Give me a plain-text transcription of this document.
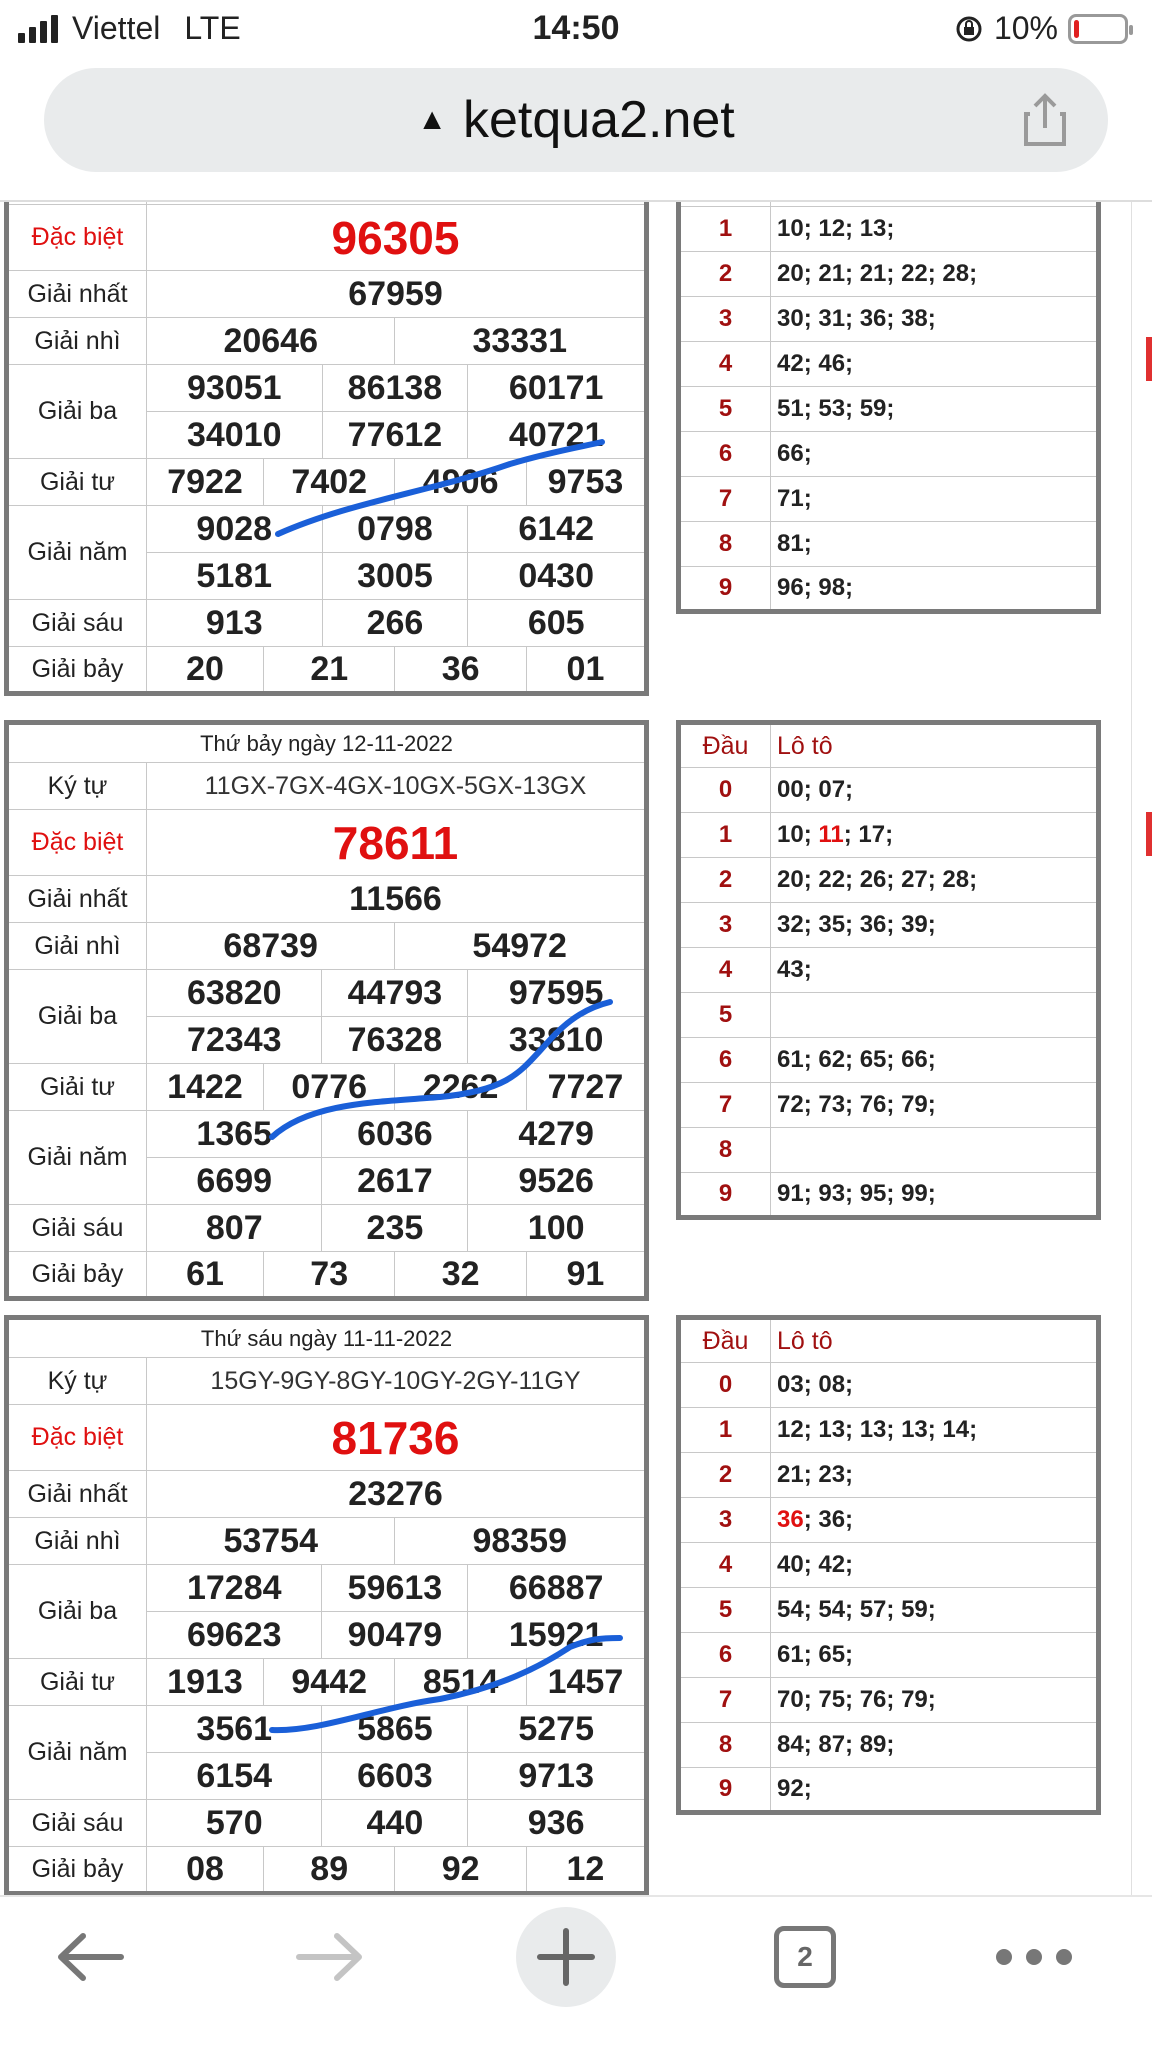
Viettel LTE	14:50	10%
▲ ketqua2.net

Đặc biệt	96305					
Giải nhất	67959					
Giải nhì	20646			33331		
Giải ba	93051		86138		60171	
	34010		77612		40721	
Giải tư	7922	7402		4906		9753
Giải năm	9028		0798		6142	
	5181		3005		0430	
Giải sáu	913		266		605	
Giải bảy	20	21		36		01

1	10; 12; 13;
2	20; 21; 21; 22; 28;
3	30; 31; 36; 38;
4	42; 46;
5	51; 53; 59;
6	66;
7	71;
8	81;
9	96; 98;
Thứ bảy ngày 12-11-2022						
Ký tự	11GX-7GX-4GX-10GX-5GX-13GX					
Đặc biệt	78611					
Giải nhất	11566					
Giải nhì	68739			54972		
Giải ba	63820		44793		97595	
	72343		76328		33810	
Giải tư	1422	0776		2262		7727
Giải năm	1365		6036		4279	
	6699		2617		9526	
Giải sáu	807		235		100	
Giải bảy	61	73		32		91
Đầu	Lô tô
0	00; 07;
1	10; 11; 17;
2	20; 22; 26; 27; 28;
3	32; 35; 36; 39;
4	43;
5	
6	61; 62; 65; 66;
7	72; 73; 76; 79;
8	
9	91; 93; 95; 99;
Thứ sáu ngày 11-11-2022						
Ký tự	15GY-9GY-8GY-10GY-2GY-11GY					
Đặc biệt	81736					
Giải nhất	23276					
Giải nhì	53754			98359		
Giải ba	17284		59613		66887	
	69623		90479		15921	
Giải tư	1913	9442		8514		1457
Giải năm	3561		5865		5275	
	6154		6603		9713	
Giải sáu	570		440		936	
Giải bảy	08	89		92		12
Đầu	Lô tô
0	03; 08;
1	12; 13; 13; 13; 14;
2	21; 23;
3	36; 36;
4	40; 42;
5	54; 54; 57; 59;
6	61; 65;
7	70; 75; 76; 79;
8	84; 87; 89;
9	92;
2
